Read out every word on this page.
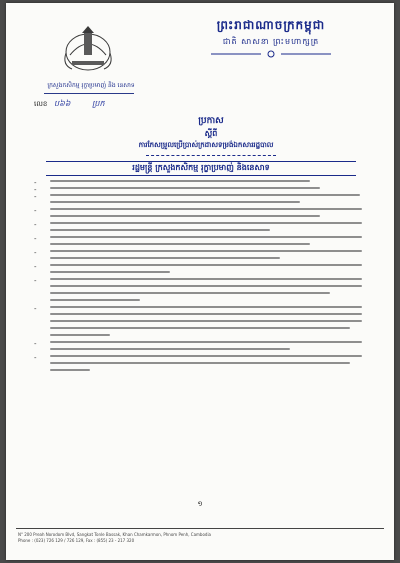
ព្រះរាជាណាចក្រកម្ពុជា
ជាតិ សាសនា ព្រះមហាក្សត្រ
ក្រសួងកសិកម្ម រុក្ខាប្រមាញ់ និង នេសាទ
លេខ ប៦៦	ប្រក
ប្រកាស
ស្តីពី
ការកែសម្រួលប្រើប្រាស់ក្រដាសទម្រង់ឯកសាររដ្ឋបាល
រដ្ឋមន្ត្រី ក្រសួងកសិកម្ម រុក្ខាប្រមាញ់ និងនេសាទ
-
-
-
-
-
-
-
-
-
-
-
-
១
N° 200 Preah Norodom Blvd, Sangkat Tonle Bassak, Khan Chamkarmon, Phnom Penh, Cambodia
Phone : (023) 726 129 / 726 129, Fax : (855) 23 - 217 320
